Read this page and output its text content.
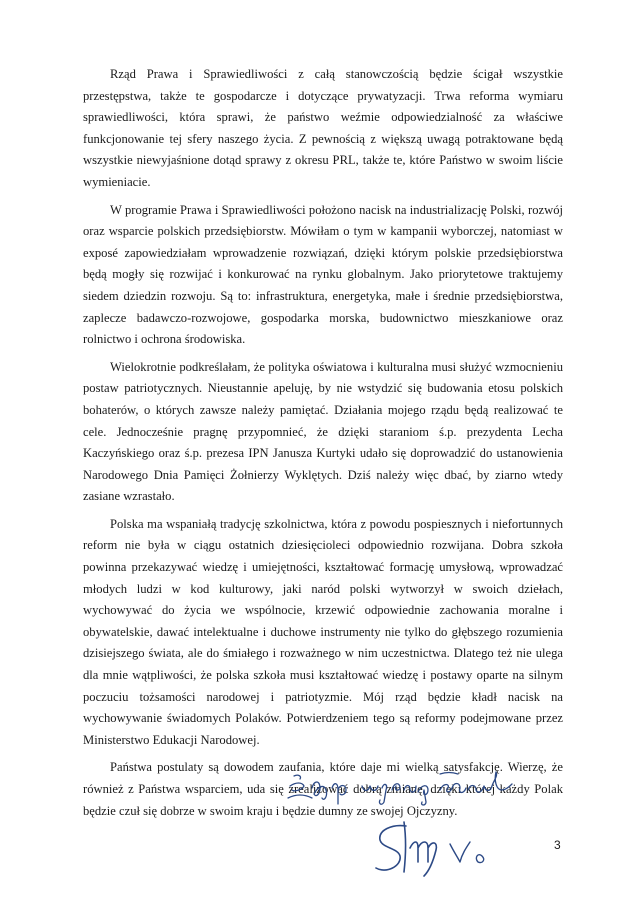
Rząd Prawa i Sprawiedliwości z całą stanowczością będzie ścigał wszystkie przestępstwa, także te gospodarcze i dotyczące prywatyzacji. Trwa reforma wymiaru sprawiedliwości, która sprawi, że państwo weźmie odpowiedzialność za właściwe funkcjonowanie tej sfery naszego życia. Z pewnością z większą uwagą potraktowane będą wszystkie niewyjaśnione dotąd sprawy z okresu PRL, także te, które Państwo w swoim liście wymieniacie.

W programie Prawa i Sprawiedliwości położono nacisk na industrializację Polski, rozwój oraz wsparcie polskich przedsiębiorstw. Mówiłam o tym w kampanii wyborczej, natomiast w exposé zapowiedziałam wprowadzenie rozwiązań, dzięki którym polskie przedsiębiorstwa będą mogły się rozwijać i konkurować na rynku globalnym. Jako priorytetowe traktujemy siedem dziedzin rozwoju. Są to: infrastruktura, energetyka, małe i średnie przedsiębiorstwa, zaplecze badawczo-rozwojowe, gospodarka morska, budownictwo mieszkaniowe oraz rolnictwo i ochrona środowiska.

Wielokrotnie podkreślałam, że polityka oświatowa i kulturalna musi służyć wzmocnieniu postaw patriotycznych. Nieustannie apeluję, by nie wstydzić się budowania etosu polskich bohaterów, o których zawsze należy pamiętać. Działania mojego rządu będą realizować te cele. Jednocześnie pragnę przypomnieć, że dzięki staraniom ś.p. prezydenta Lecha Kaczyńskiego oraz ś.p. prezesa IPN Janusza Kurtyki udało się doprowadzić do ustanowienia Narodowego Dnia Pamięci Żołnierzy Wyklętych. Dziś należy więc dbać, by ziarno wtedy zasiane wzrastało.

Polska ma wspaniałą tradycję szkolnictwa, która z powodu pospiesznych i niefortunnych reform nie była w ciągu ostatnich dziesięcioleci odpowiednio rozwijana. Dobra szkoła powinna przekazywać wiedzę i umiejętności, kształtować formację umysłową, wprowadzać młodych ludzi w kod kulturowy, jaki naród polski wytworzył w swoich dziełach, wychowywać do życia we wspólnocie, krzewić odpowiednie zachowania moralne i obywatelskie, dawać intelektualne i duchowe instrumenty nie tylko do głębszego rozumienia dzisiejszego świata, ale do śmiałego i rozważnego w nim uczestnictwa. Dlatego też nie ulega dla mnie wątpliwości, że polska szkoła musi kształtować wiedzę i postawy oparte na silnym poczuciu tożsamości narodowej i patriotyzmie. Mój rząd będzie kładł nacisk na wychowywanie świadomych Polaków. Potwierdzeniem tego są reformy podejmowane przez Ministerstwo Edukacji Narodowej.

Państwa postulaty są dowodem zaufania, które daje mi wielką satysfakcję. Wierzę, że również z Państwa wsparciem, uda się zrealizować dobrą zmianę, dzięki której każdy Polak będzie czuł się dobrze w swoim kraju i będzie dumny ze swojej Ojczyzny.

3
